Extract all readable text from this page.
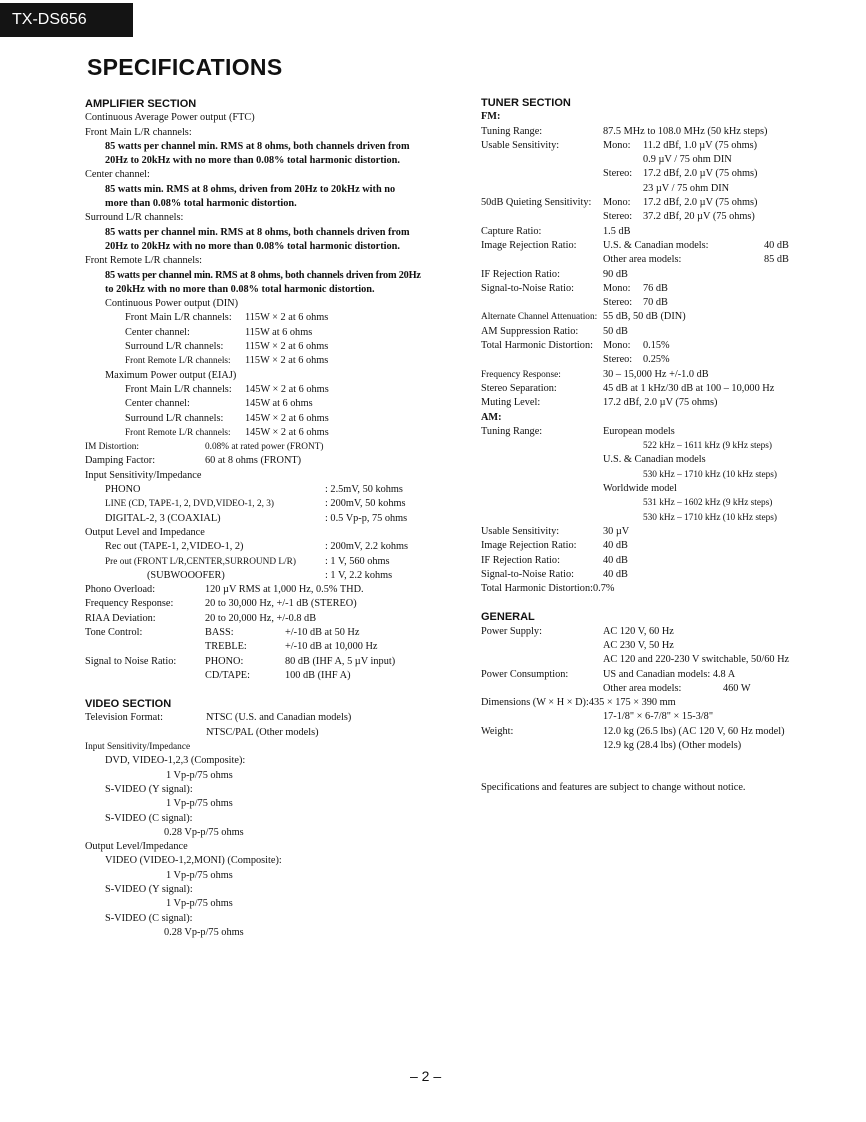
TX-DS656
SPECIFICATIONS
AMPLIFIER SECTION
Continuous Average Power output (FTC)
Front Main L/R channels:
85 watts per channel min. RMS at 8 ohms, both channels driven from
20Hz to 20kHz with no more than 0.08% total harmonic distortion.
Center channel:
85 watts min. RMS at 8 ohms, driven from 20Hz to 20kHz with no
more than 0.08% total harmonic distortion.
Surround L/R channels:
85 watts per channel min. RMS at 8 ohms, both channels driven from
20Hz to 20kHz with no more than 0.08% total harmonic distortion.
Front Remote L/R channels:
85 watts per channel min. RMS at 8 ohms, both channels driven from 20Hz
to 20kHz with no more than 0.08% total harmonic distortion.
Continuous Power output (DIN)
Front Main L/R channels: 115W × 2 at 6 ohms
Center channel:	115W at 6 ohms
Surround L/R channels: 115W × 2 at 6 ohms
Front Remote L/R channels: 115W × 2 at 6 ohms
Maximum Power output (EIAJ)
Front Main L/R channels: 145W × 2 at 6 ohms
Center channel:	145W at 6 ohms
Surround L/R channels: 145W × 2 at 6 ohms
Front Remote L/R channels: 145W × 2 at 6 ohms
IM Distortion:	0.08% at rated power (FRONT)
Damping Factor:	60 at 8 ohms (FRONT)
Input Sensitivity/Impedance
PHONO	: 2.5mV, 50 kohms
LINE (CD, TAPE-1, 2, DVD,VIDEO-1, 2, 3)	: 200mV, 50 kohms
DIGITAL-2, 3 (COAXIAL)	: 0.5 Vp-p, 75 ohms
Output Level and Impedance
Rec out (TAPE-1, 2,VIDEO-1, 2)	: 200mV, 2.2 kohms
Pre out (FRONT L/R,CENTER,SURROUND L/R)	: 1 V, 560 ohms
(SUBWOOOFER)	: 1 V, 2.2 kohms
Phono Overload:	120 µV RMS at 1,000 Hz, 0.5% THD.
Frequency Response:	20 to 30,000 Hz, +/-1 dB (STEREO)
RIAA Deviation:	20 to 20,000 Hz, +/-0.8 dB
Tone Control:	BASS:	+/-10 dB at 50 Hz
TREBLE:	+/-10 dB at 10,000 Hz
Signal to Noise Ratio:	PHONO:	80 dB (IHF A, 5 µV input)
CD/TAPE:	100 dB (IHF A)
VIDEO SECTION
Television Format:	NTSC (U.S. and Canadian models)
NTSC/PAL (Other models)
Input Sensitivity/Impedance
DVD, VIDEO-1,2,3 (Composite):
1 Vp-p/75 ohms
S-VIDEO (Y signal):
1 Vp-p/75 ohms
S-VIDEO (C signal):
0.28 Vp-p/75 ohms
Output Level/Impedance
VIDEO (VIDEO-1,2,MONI) (Composite):
1 Vp-p/75 ohms
S-VIDEO (Y signal):
1 Vp-p/75 ohms
S-VIDEO (C signal):
0.28 Vp-p/75 ohms
TUNER SECTION
FM:
Tuning Range:	87.5 MHz to 108.0 MHz (50 kHz steps)
Usable Sensitivity:	Mono: 11.2 dBf, 1.0 µV (75 ohms)
0.9 µV / 75 ohm DIN
Stereo: 17.2 dBf, 2.0 µV (75 ohms)
23 µV / 75 ohm DIN
50dB Quieting Sensitivity: Mono: 17.2 dBf, 2.0 µV (75 ohms)
Stereo: 37.2 dBf, 20 µV (75 ohms)
Capture Ratio:	1.5 dB
Image Rejection Ratio:	U.S. & Canadian models:	40 dB
Other area models:	85 dB
IF Rejection Ratio:	90 dB
Signal-to-Noise Ratio:	Mono: 76 dB
Stereo: 70 dB
Alternate Channel Attenuation: 55 dB, 50 dB (DIN)
AM Suppression Ratio: 50 dB
Total Harmonic Distortion: Mono: 0.15%
Stereo: 0.25%
Frequency Response:	30 – 15,000 Hz +/-1.0 dB
Stereo Separation:	45 dB at 1 kHz/30 dB at 100 – 10,000 Hz
Muting Level:	17.2 dBf, 2.0 µV (75 ohms)
AM:
Tuning Range:	European models
522 kHz – 1611 kHz (9 kHz steps)
U.S. & Canadian models
530 kHz – 1710 kHz (10 kHz steps)
Worldwide model
531 kHz – 1602 kHz (9 kHz steps)
530 kHz – 1710 kHz (10 kHz steps)
Usable Sensitivity:	30 µV
Image Rejection Ratio:	40 dB
IF Rejection Ratio:	40 dB
Signal-to-Noise Ratio:	40 dB
Total Harmonic Distortion:0.7%
GENERAL
Power Supply:	AC 120 V, 60 Hz
AC 230 V, 50 Hz
AC 120 and 220-230 V switchable, 50/60 Hz
Power Consumption:	US and Canadian models: 4.8 A
Other area models:	460 W
Dimensions (W × H × D):435 × 175 × 390 mm
17-1/8" × 6-7/8" × 15-3/8"
Weight:	12.0 kg (26.5 lbs) (AC 120 V, 60 Hz model)
12.9 kg (28.4 lbs) (Other models)
Specifications and features are subject to change without notice.
– 2 –
